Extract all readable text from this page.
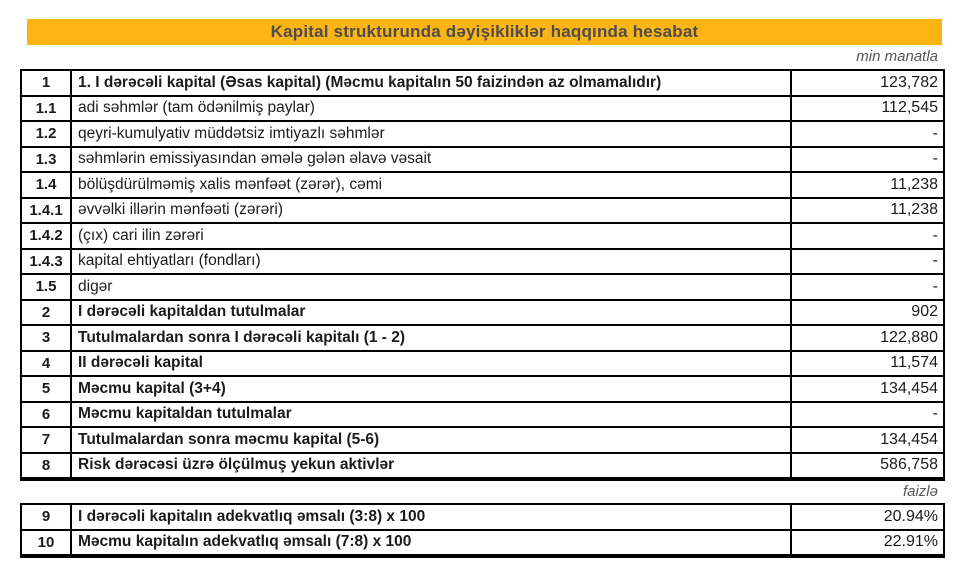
Kapital strukturunda dəyişikliklər haqqında hesabat
min manatla
1	1. I dərəcəli kapital (Əsas kapital) (Məcmu kapitalın 50 faizindən az olmamalıdır)	123,782
1.1	adi səhmlər (tam ödənilmiş paylar)	112,545
1.2	qeyri-kumulyativ müddətsiz imtiyazlı səhmlər	-
1.3	səhmlərin emissiyasından əmələ gələn əlavə vəsait	-
1.4	bölüşdürülməmiş xalis mənfəət (zərər), cəmi	11,238
1.4.1 əvvəlki illərin mənfəəti (zərəri)	11,238
1.4.2 (çıx) cari ilin zərəri	-
1.4.3 kapital ehtiyatları (fondları)	-
1.5	digər	-
2	I dərəcəli kapitaldan tutulmalar	902
3	Tutulmalardan sonra I dərəcəli kapitalı (1 - 2)	122,880
4	II dərəcəli kapital	11,574
5	Məcmu kapital (3+4)	134,454
6	Məcmu kapitaldan tutulmalar	-
7	Tutulmalardan sonra məcmu kapital (5-6)	134,454
8	Risk dərəcəsi üzrə ölçülmuş yekun aktivlər	586,758
faizlə
9	I dərəcəli kapitalın adekvatlıq əmsalı (3:8) x 100	20.94%
10	Məcmu kapitalın adekvatlıq əmsalı (7:8) x 100	22.91%
